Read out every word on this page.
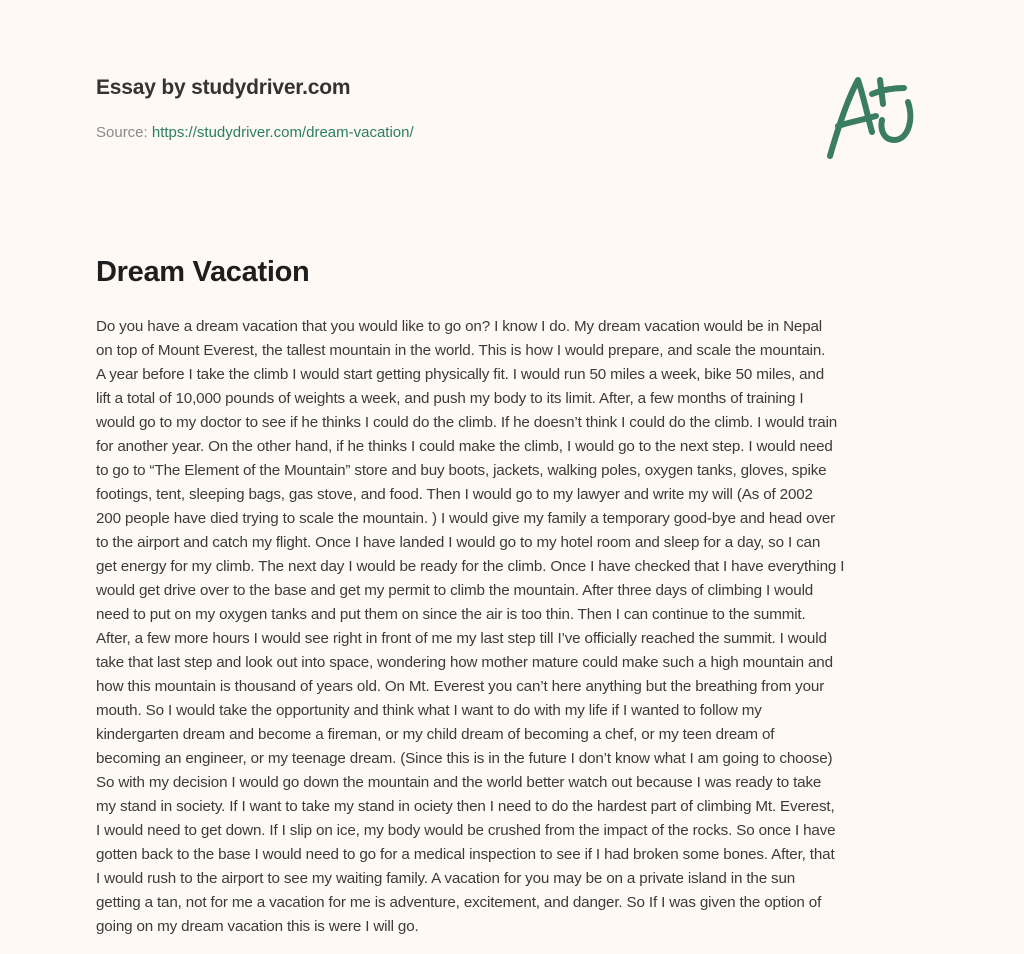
Essay by studydriver.com
Source: https://studydriver.com/dream-vacation/
Dream Vacation
Do you have a dream vacation that you would like to go on? I know I do. My dream vacation would be in Nepal
on top of Mount Everest, the tallest mountain in the world. This is how I would prepare, and scale the mountain.
A year before I take the climb I would start getting physically fit. I would run 50 miles a week, bike 50 miles, and
lift a total of 10,000 pounds of weights a week, and push my body to its limit. After, a few months of training I
would go to my doctor to see if he thinks I could do the climb. If he doesn’t think I could do the climb. I would train
for another year. On the other hand, if he thinks I could make the climb, I would go to the next step. I would need
to go to “The Element of the Mountain” store and buy boots, jackets, walking poles, oxygen tanks, gloves, spike
footings, tent, sleeping bags, gas stove, and food. Then I would go to my lawyer and write my will (As of 2002
200 people have died trying to scale the mountain. ) I would give my family a temporary good-bye and head over
to the airport and catch my flight. Once I have landed I would go to my hotel room and sleep for a day, so I can
get energy for my climb. The next day I would be ready for the climb. Once I have checked that I have everything I
would get drive over to the base and get my permit to climb the mountain. After three days of climbing I would
need to put on my oxygen tanks and put them on since the air is too thin. Then I can continue to the summit.
After, a few more hours I would see right in front of me my last step till I’ve officially reached the summit. I would
take that last step and look out into space, wondering how mother mature could make such a high mountain and
how this mountain is thousand of years old. On Mt. Everest you can’t here anything but the breathing from your
mouth. So I would take the opportunity and think what I want to do with my life if I wanted to follow my
kindergarten dream and become a fireman, or my child dream of becoming a chef, or my teen dream of
becoming an engineer, or my teenage dream. (Since this is in the future I don’t know what I am going to choose)
So with my decision I would go down the mountain and the world better watch out because I was ready to take
my stand in society. If I want to take my stand in ociety then I need to do the hardest part of climbing Mt. Everest,
I would need to get down. If I slip on ice, my body would be crushed from the impact of the rocks. So once I have
gotten back to the base I would need to go for a medical inspection to see if I had broken some bones. After, that
I would rush to the airport to see my waiting family. A vacation for you may be on a private island in the sun
getting a tan, not for me a vacation for me is adventure, excitement, and danger. So If I was given the option of
going on my dream vacation this is were I will go.
